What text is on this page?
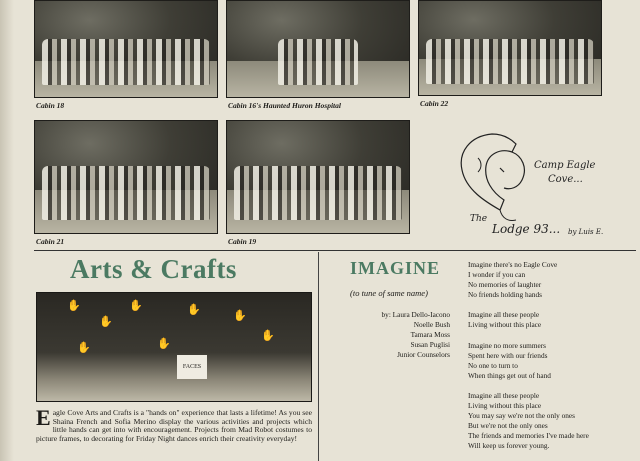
Cabin 18	Cabin 16's Haunted Huron Hospital	Cabin 22
Cabin 21	Cabin 19
Camp Eagle
Cove...
The
Lodge 93... by Luis E.
Arts & Crafts
✋
✋
✋	✋	✋
✋
✋	✋
FACES
Eagle Cove Arts and Crafts is a "hands on" experience that lasts a lifetime! As you see Shaina French and Sofia Merino display the various activities and projects which little hands can get into with encouragement. Projects from Mad Robot costumes to picture frames, to decorating for Friday Night dances enrich their creativity everyday!
IMAGINE
(to tune of same name)
by: Laura Dello-Iacono
Noelle Bush
Tamara Moss
Susan Puglisi
Junior Counselors
Imagine there's no Eagle Cove
I wonder if you can
No memories of laughter
No friends holding hands
Imagine all these people
Living without this place
Imagine no more summers
Spent here with our friends
No one to turn to
When things get out of hand
Imagine all these people
Living without this place
You may say we're not the only ones
But we're not the only ones
The friends and memories I've made here
Will keep us forever young.
